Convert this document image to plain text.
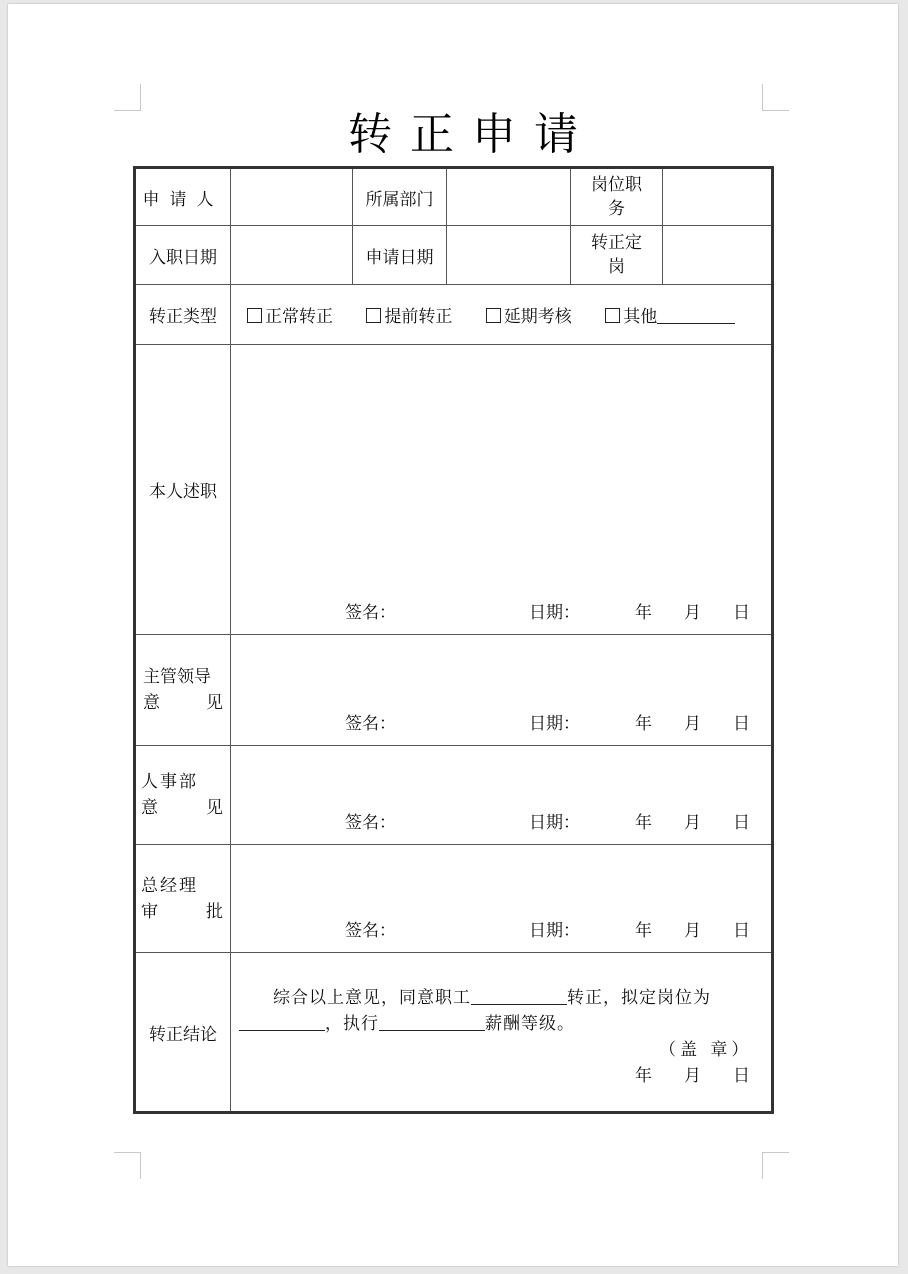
转正申请
申请人		所属部门		岗位职务	
入职日期		申请日期		转正定岗	
转正类型	正常转正 提前转正 延期考核 其他				
本人述职	签名： 日期： 年 月 日				

主管领导
意 见	签名： 日期： 年 月 日				

人事部
意 见	签名： 日期： 年 月 日				

总经理
审 批	签名： 日期： 年 月 日				

转正结论	综合以上意见，同意职工 转正，拟定岗位为，执行 薪酬等级。
（盖 章）
年 月 日				
